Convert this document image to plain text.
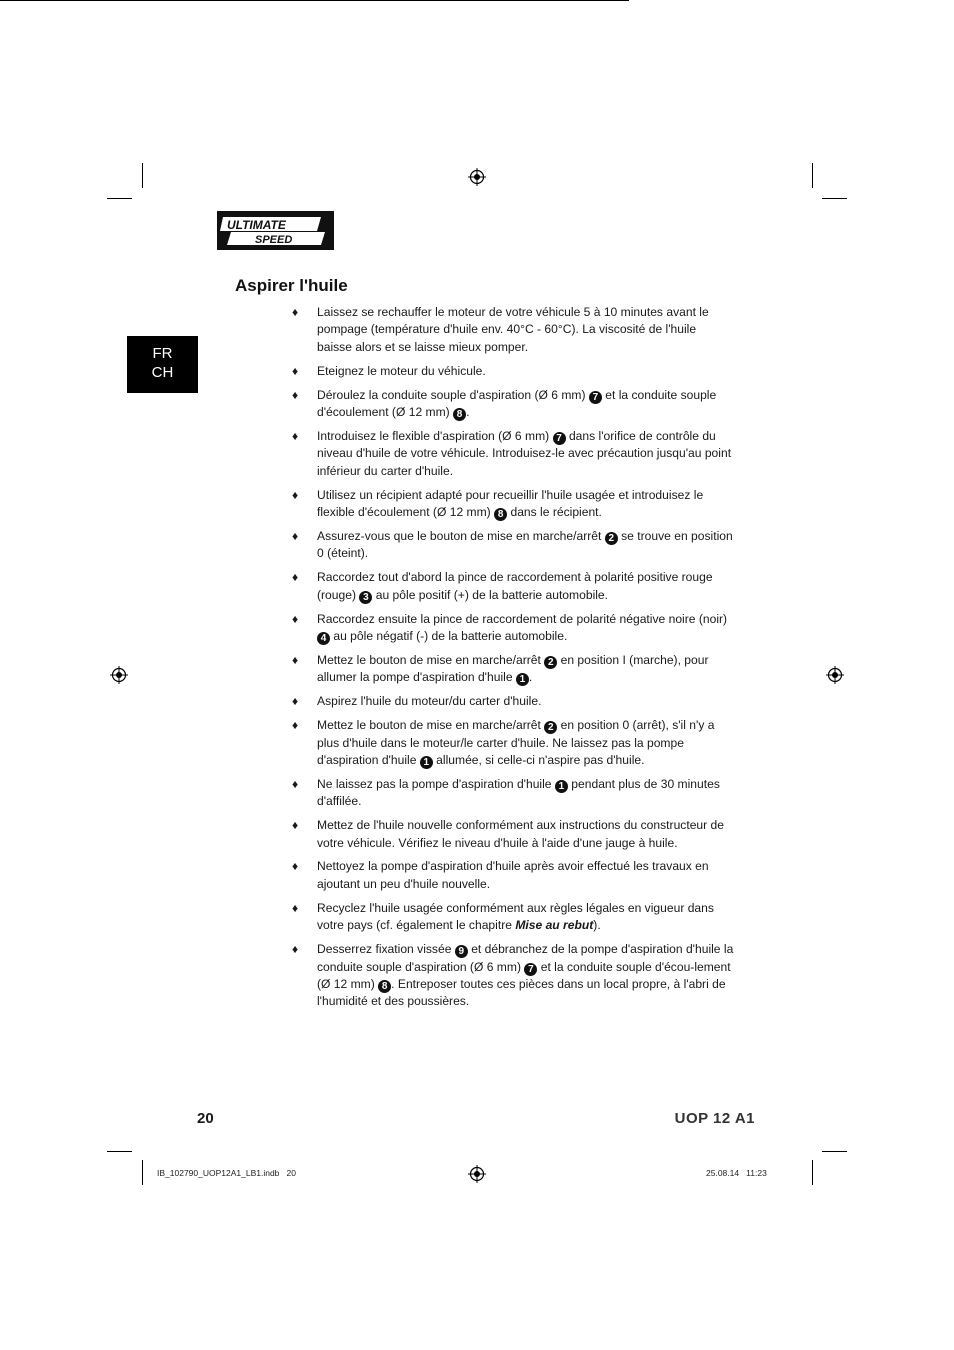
ULTIMATE
SPEED
FR
CH
Aspirer l'huile
♦ Laissez se rechauffer le moteur de votre véhicule 5 à 10 minutes avant le pompage (température d'huile env. 40°C - 60°C). La viscosité de l'huile baisse alors et se laisse mieux pomper.
♦ Eteignez le moteur du véhicule.
♦ Déroulez la conduite souple d'aspiration (Ø 6 mm) 7 et la conduite souple d'écoulement (Ø 12 mm) 8 .
♦ Introduisez le flexible d'aspiration (Ø 6 mm) 7 dans l'orifice de contrôle du niveau d'huile de votre véhicule. Introduisez-le avec précaution jusqu'au point inférieur du carter d'huile.
♦ Utilisez un récipient adapté pour recueillir l'huile usagée et introduisez le flexible d'écoulement (Ø 12 mm) 8 dans le récipient.
♦ Assurez-vous que le bouton de mise en marche/arrêt 2 se trouve en position 0 (éteint).
♦ Raccordez tout d'abord la pince de raccordement à polarité positive rouge (rouge) 3 au pôle positif (+) de la batterie automobile.
♦ Raccordez ensuite la pince de raccordement de polarité négative noire (noir) 4 au pôle négatif (-) de la batterie automobile.
♦ Mettez le bouton de mise en marche/arrêt 2 en position I (marche), pour allumer la pompe d'aspiration d'huile 1 .
♦ Aspirez l'huile du moteur/du carter d'huile.
♦ Mettez le bouton de mise en marche/arrêt 2 en position 0 (arrêt), s'il n'y a plus d'huile dans le moteur/le carter d'huile. Ne laissez pas la pompe d'aspiration d'huile 1 allumée, si celle-ci n'aspire pas d'huile.
♦ Ne laissez pas la pompe d'aspiration d'huile 1 pendant plus de 30 minutes d'affilée.
♦ Mettez de l'huile nouvelle conformément aux instructions du constructeur de votre véhicule. Vérifiez le niveau d'huile à l'aide d'une jauge à huile.
♦ Nettoyez la pompe d'aspiration d'huile après avoir effectué les travaux en ajoutant un peu d'huile nouvelle.
♦ Recyclez l'huile usagée conformément aux règles légales en vigueur dans votre pays (cf. également le chapitre Mise au rebut).
♦ Desserrez fixation vissée 9 et débranchez de la pompe d'aspiration d'huile la conduite souple d'aspiration (Ø 6 mm) 7 et la conduite souple d'écou-lement (Ø 12 mm) 8 . Entreposer toutes ces pièces dans un local propre, à l'abri de l'humidité et des poussières.
20	UOP 12 A1
IB_102790_UOP12A1_LB1.indb   20	25.08.14   11:23
